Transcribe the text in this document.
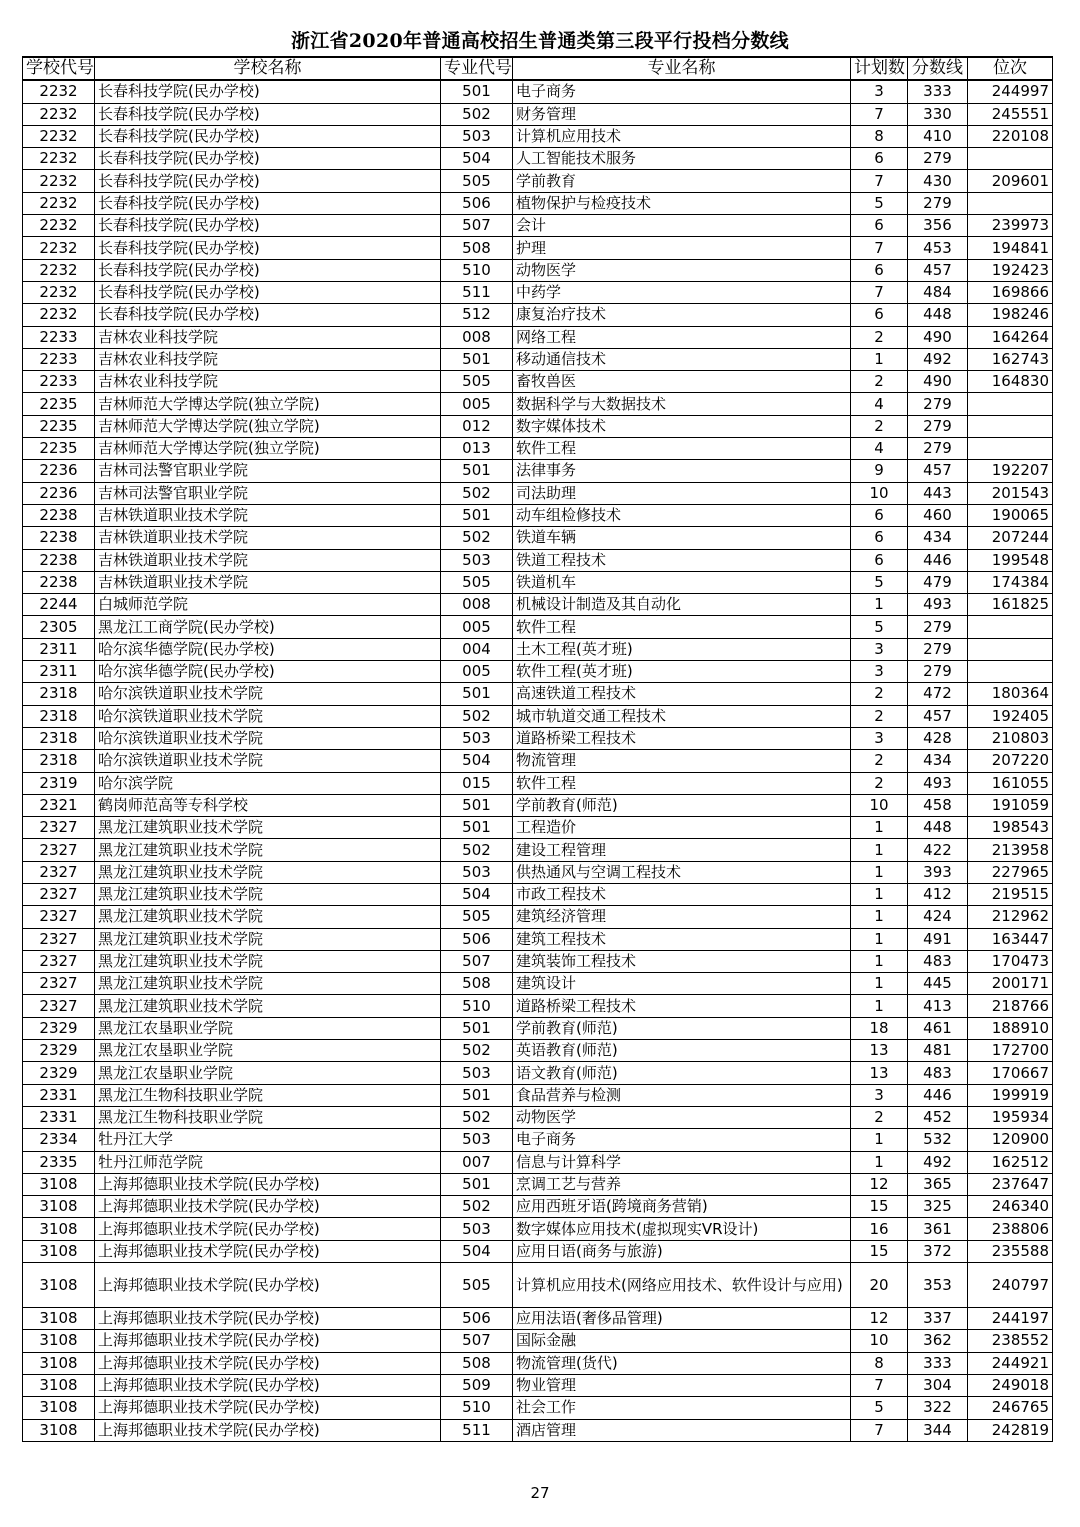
浙江省2020年普通高校招生普通类第三段平行投档分数线
学校代号	学校名称	专业代号	专业名称	计划数	分数线	位次
2232	长春科技学院(民办学校)	501	电子商务	3	333	244997
2232	长春科技学院(民办学校)	502	财务管理	7	330	245551
2232	长春科技学院(民办学校)	503	计算机应用技术	8	410	220108
2232	长春科技学院(民办学校)	504	人工智能技术服务	6	279	
2232	长春科技学院(民办学校)	505	学前教育	7	430	209601
2232	长春科技学院(民办学校)	506	植物保护与检疫技术	5	279	
2232	长春科技学院(民办学校)	507	会计	6	356	239973
2232	长春科技学院(民办学校)	508	护理	7	453	194841
2232	长春科技学院(民办学校)	510	动物医学	6	457	192423
2232	长春科技学院(民办学校)	511	中药学	7	484	169866
2232	长春科技学院(民办学校)	512	康复治疗技术	6	448	198246
2233	吉林农业科技学院	008	网络工程	2	490	164264
2233	吉林农业科技学院	501	移动通信技术	1	492	162743
2233	吉林农业科技学院	505	畜牧兽医	2	490	164830
2235	吉林师范大学博达学院(独立学院)	005	数据科学与大数据技术	4	279	
2235	吉林师范大学博达学院(独立学院)	012	数字媒体技术	2	279	
2235	吉林师范大学博达学院(独立学院)	013	软件工程	4	279	
2236	吉林司法警官职业学院	501	法律事务	9	457	192207
2236	吉林司法警官职业学院	502	司法助理	10	443	201543
2238	吉林铁道职业技术学院	501	动车组检修技术	6	460	190065
2238	吉林铁道职业技术学院	502	铁道车辆	6	434	207244
2238	吉林铁道职业技术学院	503	铁道工程技术	6	446	199548
2238	吉林铁道职业技术学院	505	铁道机车	5	479	174384
2244	白城师范学院	008	机械设计制造及其自动化	1	493	161825
2305	黑龙江工商学院(民办学校)	005	软件工程	5	279	
2311	哈尔滨华德学院(民办学校)	004	土木工程(英才班)	3	279	
2311	哈尔滨华德学院(民办学校)	005	软件工程(英才班)	3	279	
2318	哈尔滨铁道职业技术学院	501	高速铁道工程技术	2	472	180364
2318	哈尔滨铁道职业技术学院	502	城市轨道交通工程技术	2	457	192405
2318	哈尔滨铁道职业技术学院	503	道路桥梁工程技术	3	428	210803
2318	哈尔滨铁道职业技术学院	504	物流管理	2	434	207220
2319	哈尔滨学院	015	软件工程	2	493	161055
2321	鹤岗师范高等专科学校	501	学前教育(师范)	10	458	191059
2327	黑龙江建筑职业技术学院	501	工程造价	1	448	198543
2327	黑龙江建筑职业技术学院	502	建设工程管理	1	422	213958
2327	黑龙江建筑职业技术学院	503	供热通风与空调工程技术	1	393	227965
2327	黑龙江建筑职业技术学院	504	市政工程技术	1	412	219515
2327	黑龙江建筑职业技术学院	505	建筑经济管理	1	424	212962
2327	黑龙江建筑职业技术学院	506	建筑工程技术	1	491	163447
2327	黑龙江建筑职业技术学院	507	建筑装饰工程技术	1	483	170473
2327	黑龙江建筑职业技术学院	508	建筑设计	1	445	200171
2327	黑龙江建筑职业技术学院	510	道路桥梁工程技术	1	413	218766
2329	黑龙江农垦职业学院	501	学前教育(师范)	18	461	188910
2329	黑龙江农垦职业学院	502	英语教育(师范)	13	481	172700
2329	黑龙江农垦职业学院	503	语文教育(师范)	13	483	170667
2331	黑龙江生物科技职业学院	501	食品营养与检测	3	446	199919
2331	黑龙江生物科技职业学院	502	动物医学	2	452	195934
2334	牡丹江大学	503	电子商务	1	532	120900
2335	牡丹江师范学院	007	信息与计算科学	1	492	162512
3108	上海邦德职业技术学院(民办学校)	501	烹调工艺与营养	12	365	237647
3108	上海邦德职业技术学院(民办学校)	502	应用西班牙语(跨境商务营销)	15	325	246340
3108	上海邦德职业技术学院(民办学校)	503	数字媒体应用技术(虚拟现实VR设计)	16	361	238806
3108	上海邦德职业技术学院(民办学校)	504	应用日语(商务与旅游)	15	372	235588
3108	上海邦德职业技术学院(民办学校)	505	计算机应用技术(网络应用技术、软件设计与应用)	20	353	240797
3108	上海邦德职业技术学院(民办学校)	506	应用法语(奢侈品管理)	12	337	244197
3108	上海邦德职业技术学院(民办学校)	507	国际金融	10	362	238552
3108	上海邦德职业技术学院(民办学校)	508	物流管理(货代)	8	333	244921
3108	上海邦德职业技术学院(民办学校)	509	物业管理	7	304	249018
3108	上海邦德职业技术学院(民办学校)	510	社会工作	5	322	246765
3108	上海邦德职业技术学院(民办学校)	511	酒店管理	7	344	242819
27
